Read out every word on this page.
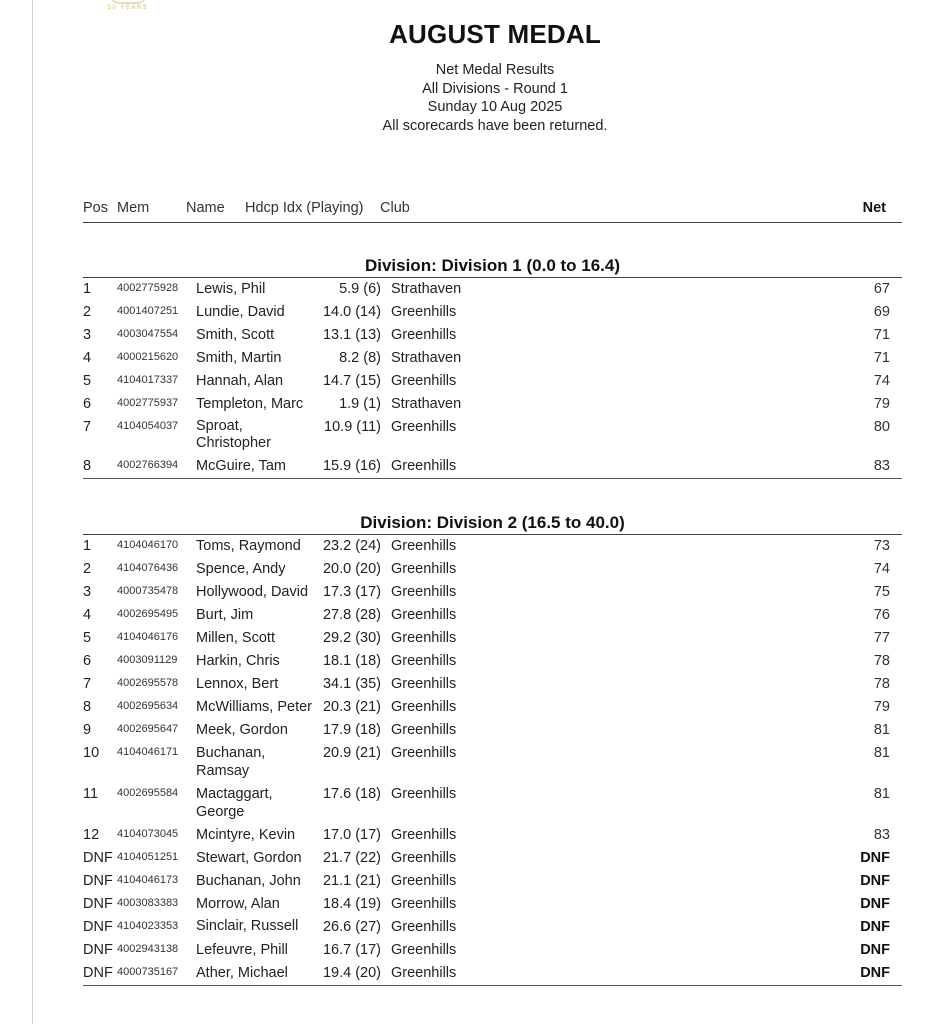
50 YEARS
AUGUST MEDAL
Net Medal Results
All Divisions - Round 1
Sunday 10 Aug 2025
All scorecards have been returned.
Pos Mem	Name	Hdcp Idx (Playing)	Club	Net
Division: Division 1 (0.0 to 16.4)
1	4002775928	Lewis, Phil	5.9 (6) Strathaven	67
2	4001407251	Lundie, David	14.0 (14) Greenhills	69
3	4003047554	Smith, Scott	13.1 (13) Greenhills	71
4	4000215620	Smith, Martin	8.2 (8) Strathaven	71
5	4104017337	Hannah, Alan	14.7 (15) Greenhills	74
6	4002775937	Templeton, Marc	1.9 (1) Strathaven	79
7	4104054037	Sproat, Christopher
10.9 (11) Greenhills	80
8	4002766394	McGuire, Tam	15.9 (16) Greenhills	83
Division: Division 2 (16.5 to 40.0)
1	4104046170	Toms, Raymond	23.2 (24) Greenhills	73
2	4104076436	Spence, Andy	20.0 (20) Greenhills	74
3	4000735478	Hollywood, David	17.3 (17) Greenhills	75
4	4002695495	Burt, Jim	27.8 (28) Greenhills	76
5	4104046176	Millen, Scott	29.2 (30) Greenhills	77
6	4003091129	Harkin, Chris	18.1 (18) Greenhills	78
7	4002695578	Lennox, Bert	34.1 (35) Greenhills	78
8	4002695634	McWilliams, Peter 20.3 (21) Greenhills	79
9	4002695647	Meek, Gordon	17.9 (18) Greenhills	81
10	4104046171	Buchanan, Ramsay
20.9 (21) Greenhills	81
11	4002695584	Mactaggart, George
17.6 (18) Greenhills	81
12	4104073045	Mcintyre, Kevin	17.0 (17) Greenhills	83
DNF 4104051251	Stewart, Gordon	21.7 (22) Greenhills	DNF
DNF 4104046173	Buchanan, John	21.1 (21) Greenhills	DNF
DNF 4003083383	Morrow, Alan	18.4 (19) Greenhills	DNF
DNF 4104023353	Sinclair, Russell	26.6 (27) Greenhills	DNF
DNF 4002943138	Lefeuvre, Phill	16.7 (17) Greenhills	DNF
DNF 4000735167	Ather, Michael	19.4 (20) Greenhills	DNF
